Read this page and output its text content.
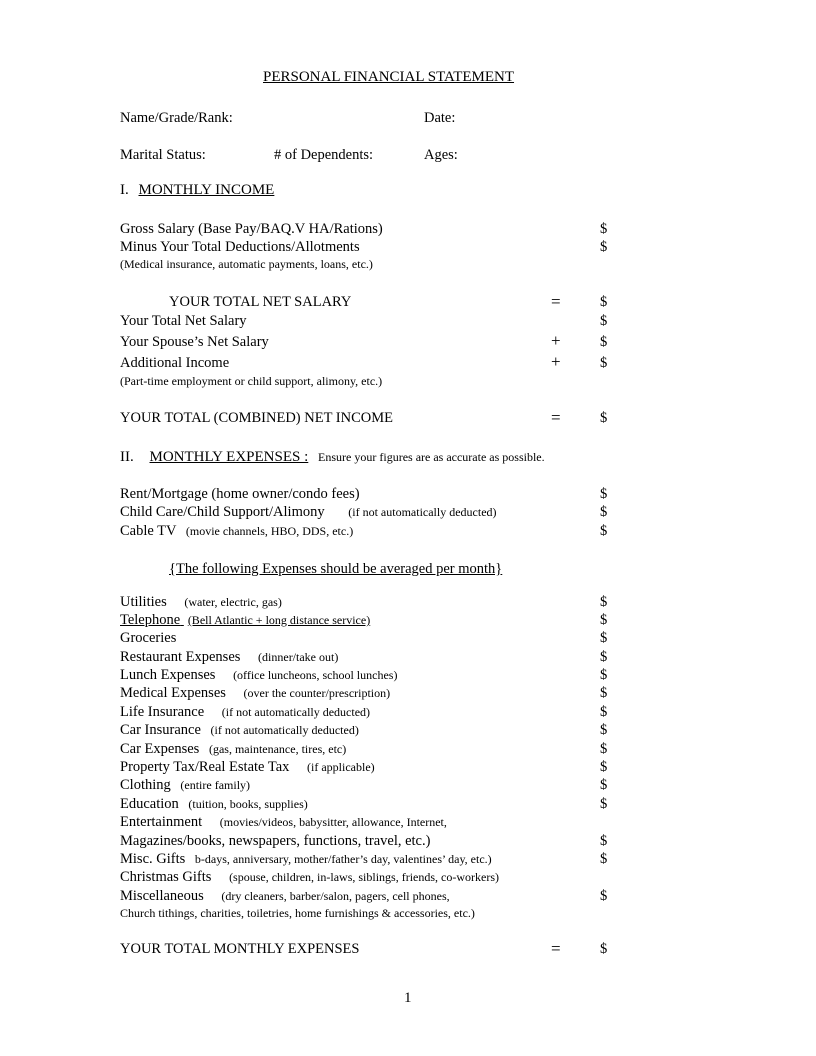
PERSONAL FINANCIAL STATEMENT
Name/Grade/Rank:	Date:
Marital Status:	# of Dependents:	Ages:
I. MONTHLY INCOME
Gross Salary (Base Pay/BAQ.V HA/Rations)	$
Minus Your Total Deductions/Allotments	$
(Medical insurance, automatic payments, loans, etc.)
YOUR TOTAL NET SALARY	=	$
Your Total Net Salary	$
Your Spouse’s Net Salary	+	$
Additional Income	+	$
(Part-time employment or child support, alimony, etc.)
YOUR TOTAL (COMBINED) NET INCOME	=	$
II. MONTHLY EXPENSES : Ensure your figures are as accurate as possible.
Rent/Mortgage (home owner/condo fees)	$
Child Care/Child Support/Alimony (if not automatically deducted)	$
Cable TV (movie channels, HBO, DDS, etc.)	$
{The following Expenses should be averaged per month}
Utilities (water, electric, gas)	$
Telephone (Bell Atlantic + long distance service)	$
Groceries	$
Restaurant Expenses (dinner/take out)	$
Lunch Expenses (office luncheons, school lunches)	$
Medical Expenses (over the counter/prescription)	$
Life Insurance (if not automatically deducted)	$
Car Insurance (if not automatically deducted)	$
Car Expenses (gas, maintenance, tires, etc)	$
Property Tax/Real Estate Tax (if applicable)	$
Clothing (entire family)	$
Education (tuition, books, supplies)	$
Entertainment (movies/videos, babysitter, allowance, Internet,
Magazines/books, newspapers, functions, travel, etc.)	$
Misc. Gifts b-days, anniversary, mother/father’s day, valentines’ day, etc.)	$
Christmas Gifts (spouse, children, in-laws, siblings, friends, co-workers)
Miscellaneous (dry cleaners, barber/salon, pagers, cell phones,	$
Church tithings, charities, toiletries, home furnishings & accessories, etc.)
YOUR TOTAL MONTHLY EXPENSES	=	$
1
